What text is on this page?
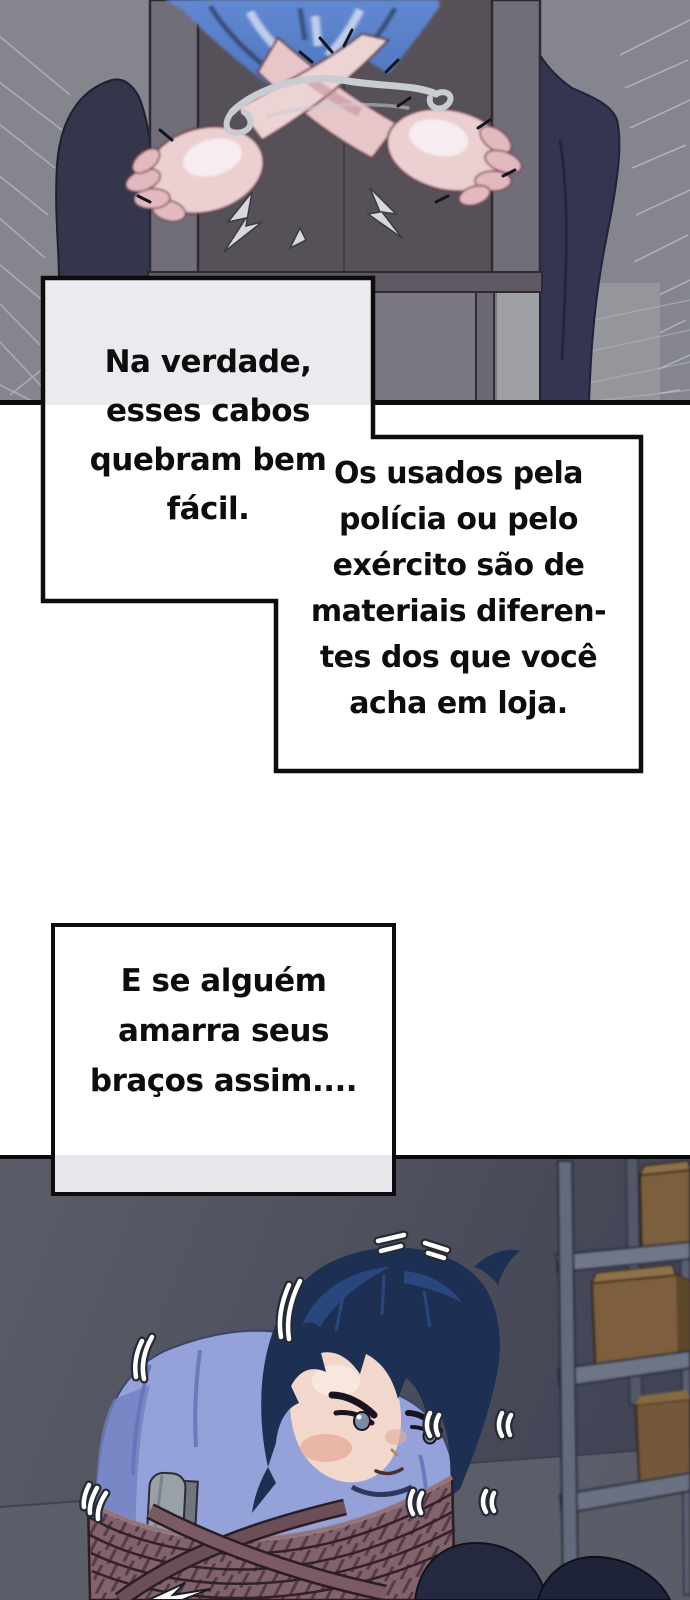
Na verdade,
esses cabos
quebram bem
fácil.
Os usados pela
polícia ou pelo
exército são de
materiais diferen-
tes dos que você
acha em loja.
E se alguém
amarra seus
braços assim....
